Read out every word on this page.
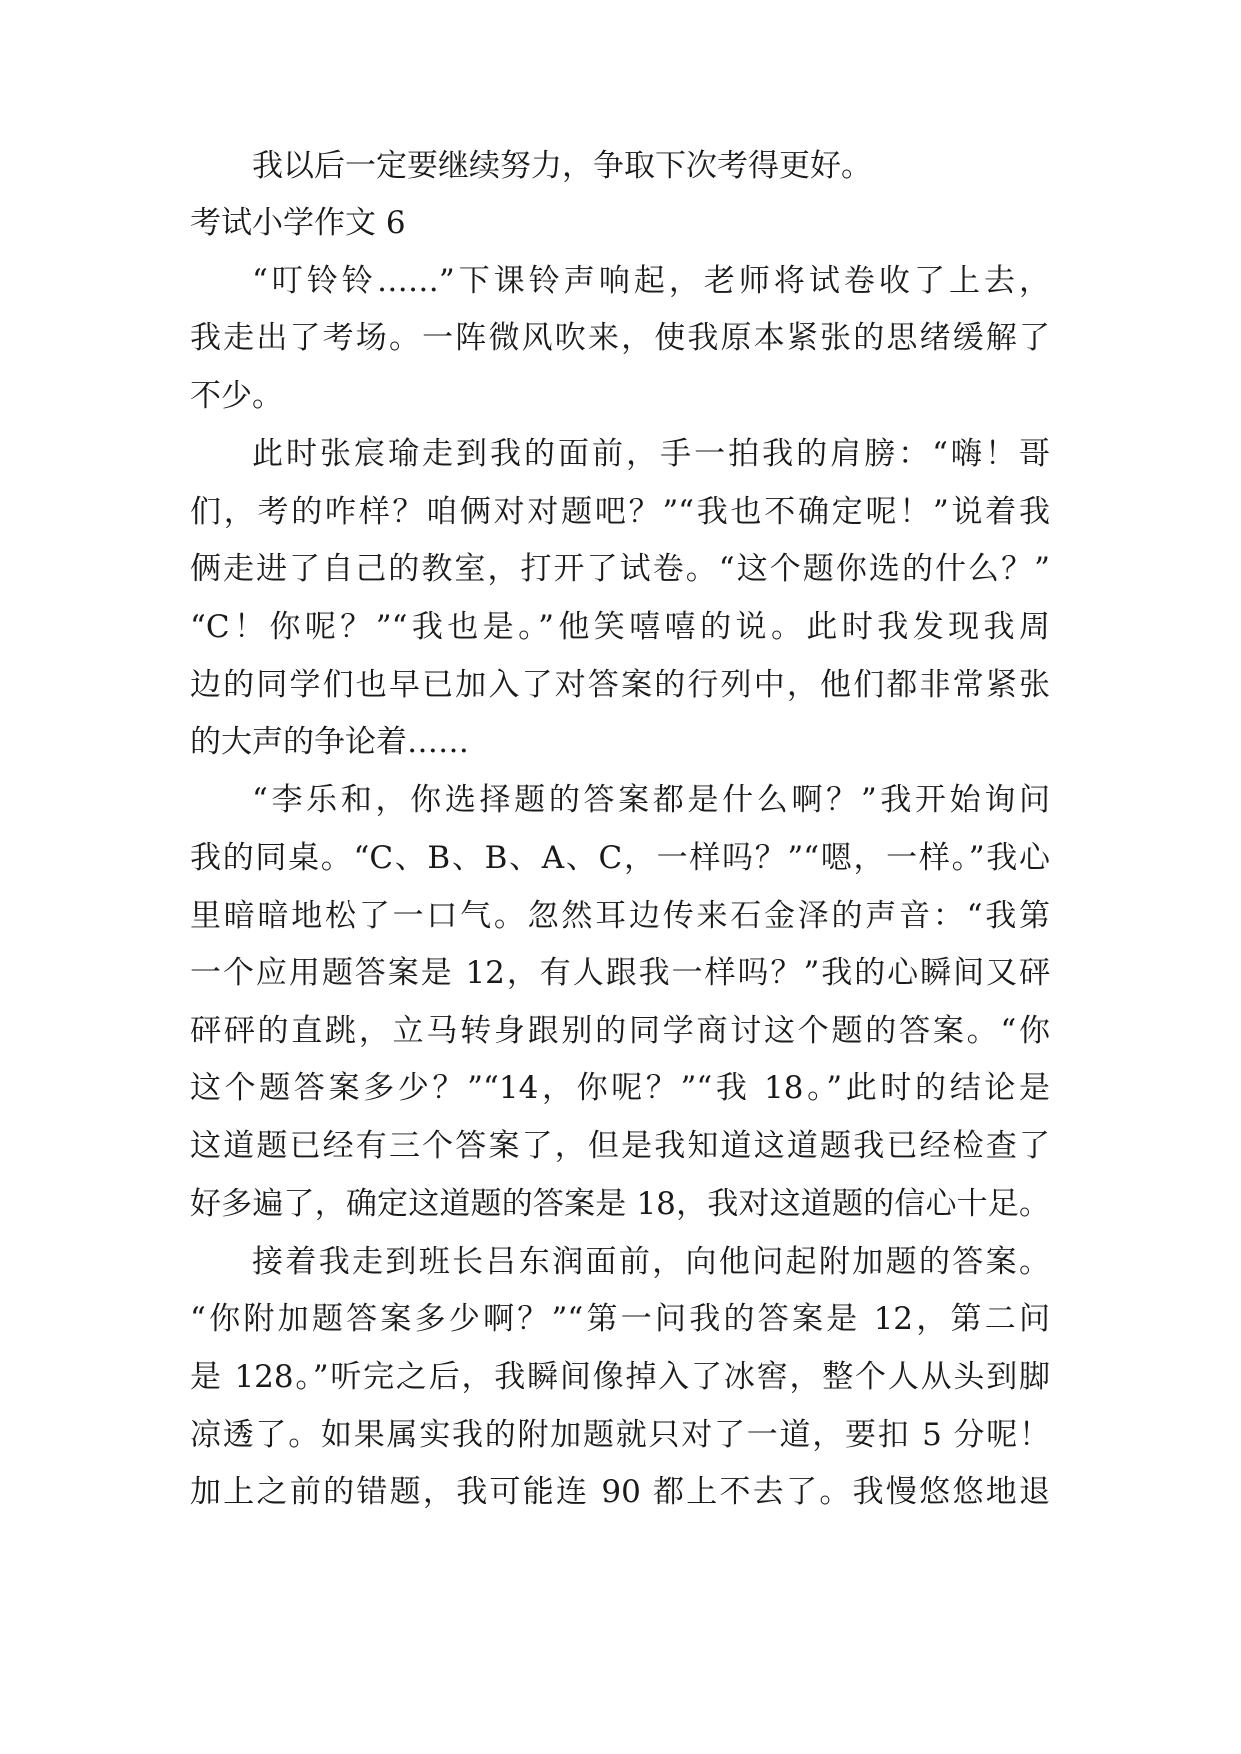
我以后一定要继续努力，争取下次考得更好。
考试小学作文 6
“叮铃铃……”下课铃声响起，老师将试卷收了上去，
我走出了考场。一阵微风吹来，使我原本紧张的思绪缓解了
不少。
此时张宸瑜走到我的面前，手一拍我的肩膀：“嗨！哥
们，考的咋样？咱俩对对题吧？”“我也不确定呢！”说着我
俩走进了自己的教室，打开了试卷。“这个题你选的什么？”
“C！你呢？”“我也是。”他笑嘻嘻的说。此时我发现我周
边的同学们也早已加入了对答案的行列中，他们都非常紧张
的大声的争论着……
“李乐和，你选择题的答案都是什么啊？”我开始询问
我的同桌。“C、B、B、A、C，一样吗？”“嗯，一样。”我心
里暗暗地松了一口气。忽然耳边传来石金泽的声音：“我第
一个应用题答案是 12，有人跟我一样吗？”我的心瞬间又砰
砰砰的直跳，立马转身跟别的同学商讨这个题的答案。“你
这个题答案多少？”“14，你呢？”“我 18。”此时的结论是
这道题已经有三个答案了，但是我知道这道题我已经检查了
好多遍了，确定这道题的答案是 18，我对这道题的信心十足。
接着我走到班长吕东润面前，向他问起附加题的答案。
“你附加题答案多少啊？”“第一问我的答案是 12，第二问
是 128。”听完之后，我瞬间像掉入了冰窖，整个人从头到脚
凉透了。如果属实我的附加题就只对了一道，要扣 5 分呢！
加上之前的错题，我可能连 90 都上不去了。我慢悠悠地退
